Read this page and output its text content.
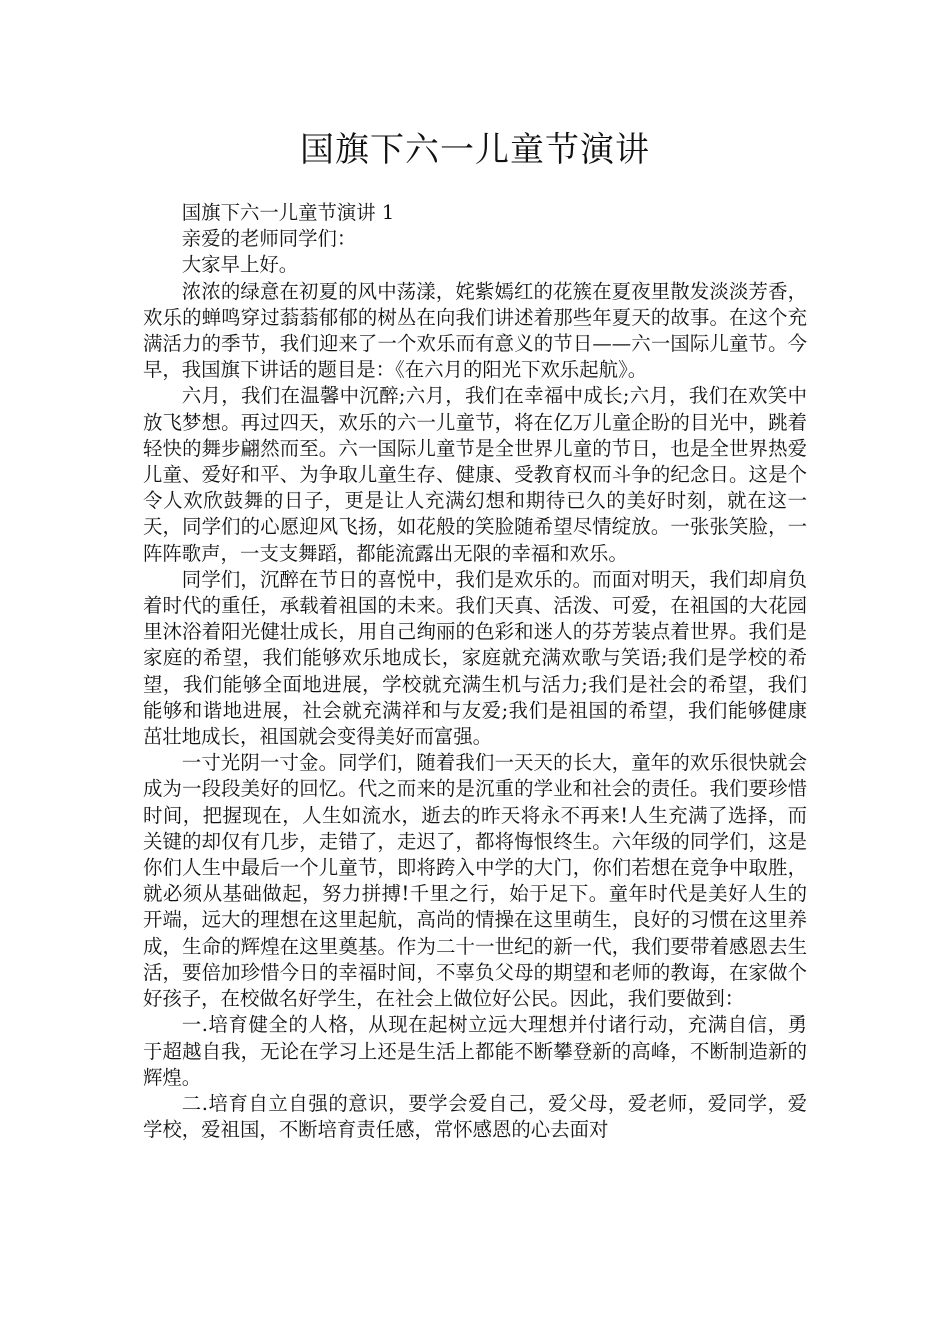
国旗下六一儿童节演讲

国旗下六一儿童节演讲 1

亲爱的老师同学们：

大家早上好。

浓浓的绿意在初夏的风中荡漾，姹紫嫣红的花簇在夏夜里散发淡淡芳香，欢乐的蝉鸣穿过蓊蓊郁郁的树丛在向我们讲述着那些年夏天的故事。在这个充满活力的季节，我们迎来了一个欢乐而有意义的节日——六一国际儿童节。今早，我国旗下讲话的题目是：《在六月的阳光下欢乐起航》。

六月，我们在温馨中沉醉;六月，我们在幸福中成长;六月，我们在欢笑中放飞梦想。再过四天，欢乐的六一儿童节，将在亿万儿童企盼的目光中，跳着轻快的舞步翩然而至。六一国际儿童节是全世界儿童的节日，也是全世界热爱儿童、爱好和平、为争取儿童生存、健康、受教育权而斗争的纪念日。这是个令人欢欣鼓舞的日子，更是让人充满幻想和期待已久的美好时刻，就在这一天，同学们的心愿迎风飞扬，如花般的笑脸随希望尽情绽放。一张张笑脸，一阵阵歌声，一支支舞蹈，都能流露出无限的幸福和欢乐。

同学们，沉醉在节日的喜悦中，我们是欢乐的。而面对明天，我们却肩负着时代的重任，承载着祖国的未来。我们天真、活泼、可爱，在祖国的大花园里沐浴着阳光健壮成长，用自己绚丽的色彩和迷人的芬芳装点着世界。我们是家庭的希望，我们能够欢乐地成长，家庭就充满欢歌与笑语;我们是学校的希望，我们能够全面地进展，学校就充满生机与活力;我们是社会的希望，我们能够和谐地进展，社会就充满祥和与友爱;我们是祖国的希望，我们能够健康茁壮地成长，祖国就会变得美好而富强。

一寸光阴一寸金。同学们，随着我们一天天的长大，童年的欢乐很快就会成为一段段美好的回忆。代之而来的是沉重的学业和社会的责任。我们要珍惜时间，把握现在，人生如流水，逝去的昨天将永不再来!人生充满了选择，而关键的却仅有几步，走错了，走迟了，都将悔恨终生。六年级的同学们，这是你们人生中最后一个儿童节，即将跨入中学的大门，你们若想在竞争中取胜，就必须从基础做起，努力拼搏!千里之行，始于足下。童年时代是美好人生的开端，远大的理想在这里起航，高尚的情操在这里萌生，良好的习惯在这里养成，生命的辉煌在这里奠基。作为二十一世纪的新一代，我们要带着感恩去生活，要倍加珍惜今日的幸福时间，不辜负父母的期望和老师的教诲，在家做个好孩子，在校做名好学生，在社会上做位好公民。因此，我们要做到：

一.培育健全的人格，从现在起树立远大理想并付诸行动，充满自信，勇于超越自我，无论在学习上还是生活上都能不断攀登新的高峰，不断制造新的辉煌。

二.培育自立自强的意识，要学会爱自己，爱父母，爱老师，爱同学，爱学校，爱祖国，不断培育责任感，常怀感恩的心去面对
